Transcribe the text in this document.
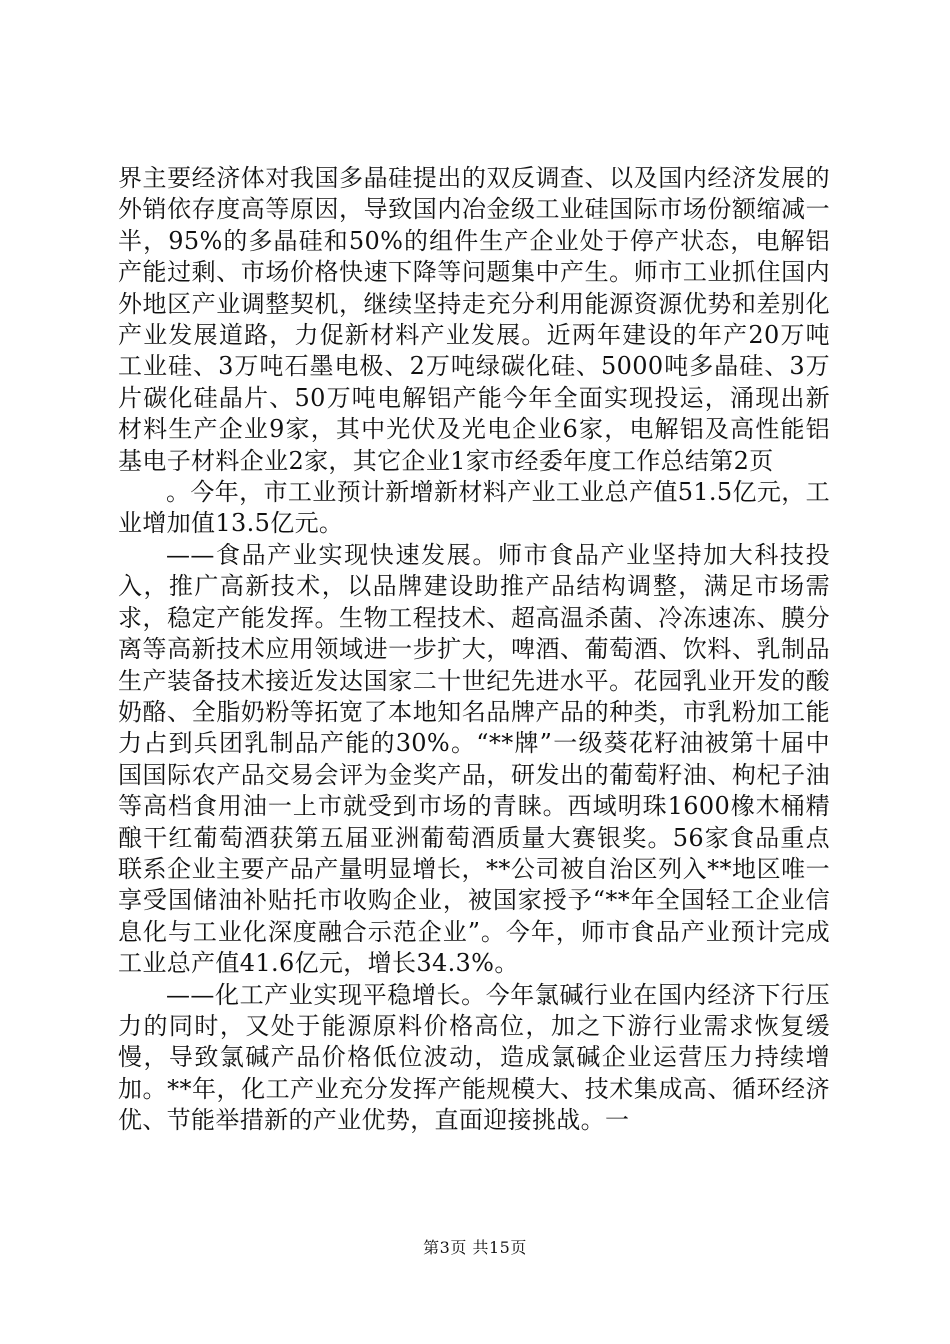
界主要经济体对我国多晶硅提出的双反调查、以及国内经济发展的外销依存度高等原因，导致国内冶金级工业硅国际市场份额缩减一半，95%的多晶硅和50%的组件生产企业处于停产状态，电解铝产能过剩、市场价格快速下降等问题集中产生。师市工业抓住国内外地区产业调整契机，继续坚持走充分利用能源资源优势和差别化产业发展道路，力促新材料产业发展。近两年建设的年产20万吨工业硅、3万吨石墨电极、2万吨绿碳化硅、5000吨多晶硅、3万片碳化硅晶片、50万吨电解铝产能今年全面实现投运，涌现出新材料生产企业9家，其中光伏及光电企业6家，电解铝及高性能铝基电子材料企业2家，其它企业1家市经委年度工作总结第2页

。今年，市工业预计新增新材料产业工业总产值51.5亿元，工业增加值13.5亿元。

——食品产业实现快速发展。师市食品产业坚持加大科技投入，推广高新技术，以品牌建设助推产品结构调整，满足市场需求，稳定产能发挥。生物工程技术、超高温杀菌、冷冻速冻、膜分离等高新技术应用领域进一步扩大，啤酒、葡萄酒、饮料、乳制品生产装备技术接近发达国家二十世纪先进水平。花园乳业开发的酸奶酪、全脂奶粉等拓宽了本地知名品牌产品的种类，市乳粉加工能力占到兵团乳制品产能的30%。“**牌”一级葵花籽油被第十届中国国际农产品交易会评为金奖产品，研发出的葡萄籽油、枸杞子油等高档食用油一上市就受到市场的青睐。西域明珠1600橡木桶精酿干红葡萄酒获第五届亚洲葡萄酒质量大赛银奖。56家食品重点联系企业主要产品产量明显增长，**公司被自治区列入**地区唯一享受国储油补贴托市收购企业，被国家授予“**年全国轻工企业信息化与工业化深度融合示范企业”。今年，师市食品产业预计完成工业总产值41.6亿元，增长34.3%。

——化工产业实现平稳增长。今年氯碱行业在国内经济下行压力的同时，又处于能源原料价格高位，加之下游行业需求恢复缓慢，导致氯碱产品价格低位波动，造成氯碱企业运营压力持续增加。**年，化工产业充分发挥产能规模大、技术集成高、循环经济优、节能举措新的产业优势，直面迎接挑战。一

第3页 共15页
